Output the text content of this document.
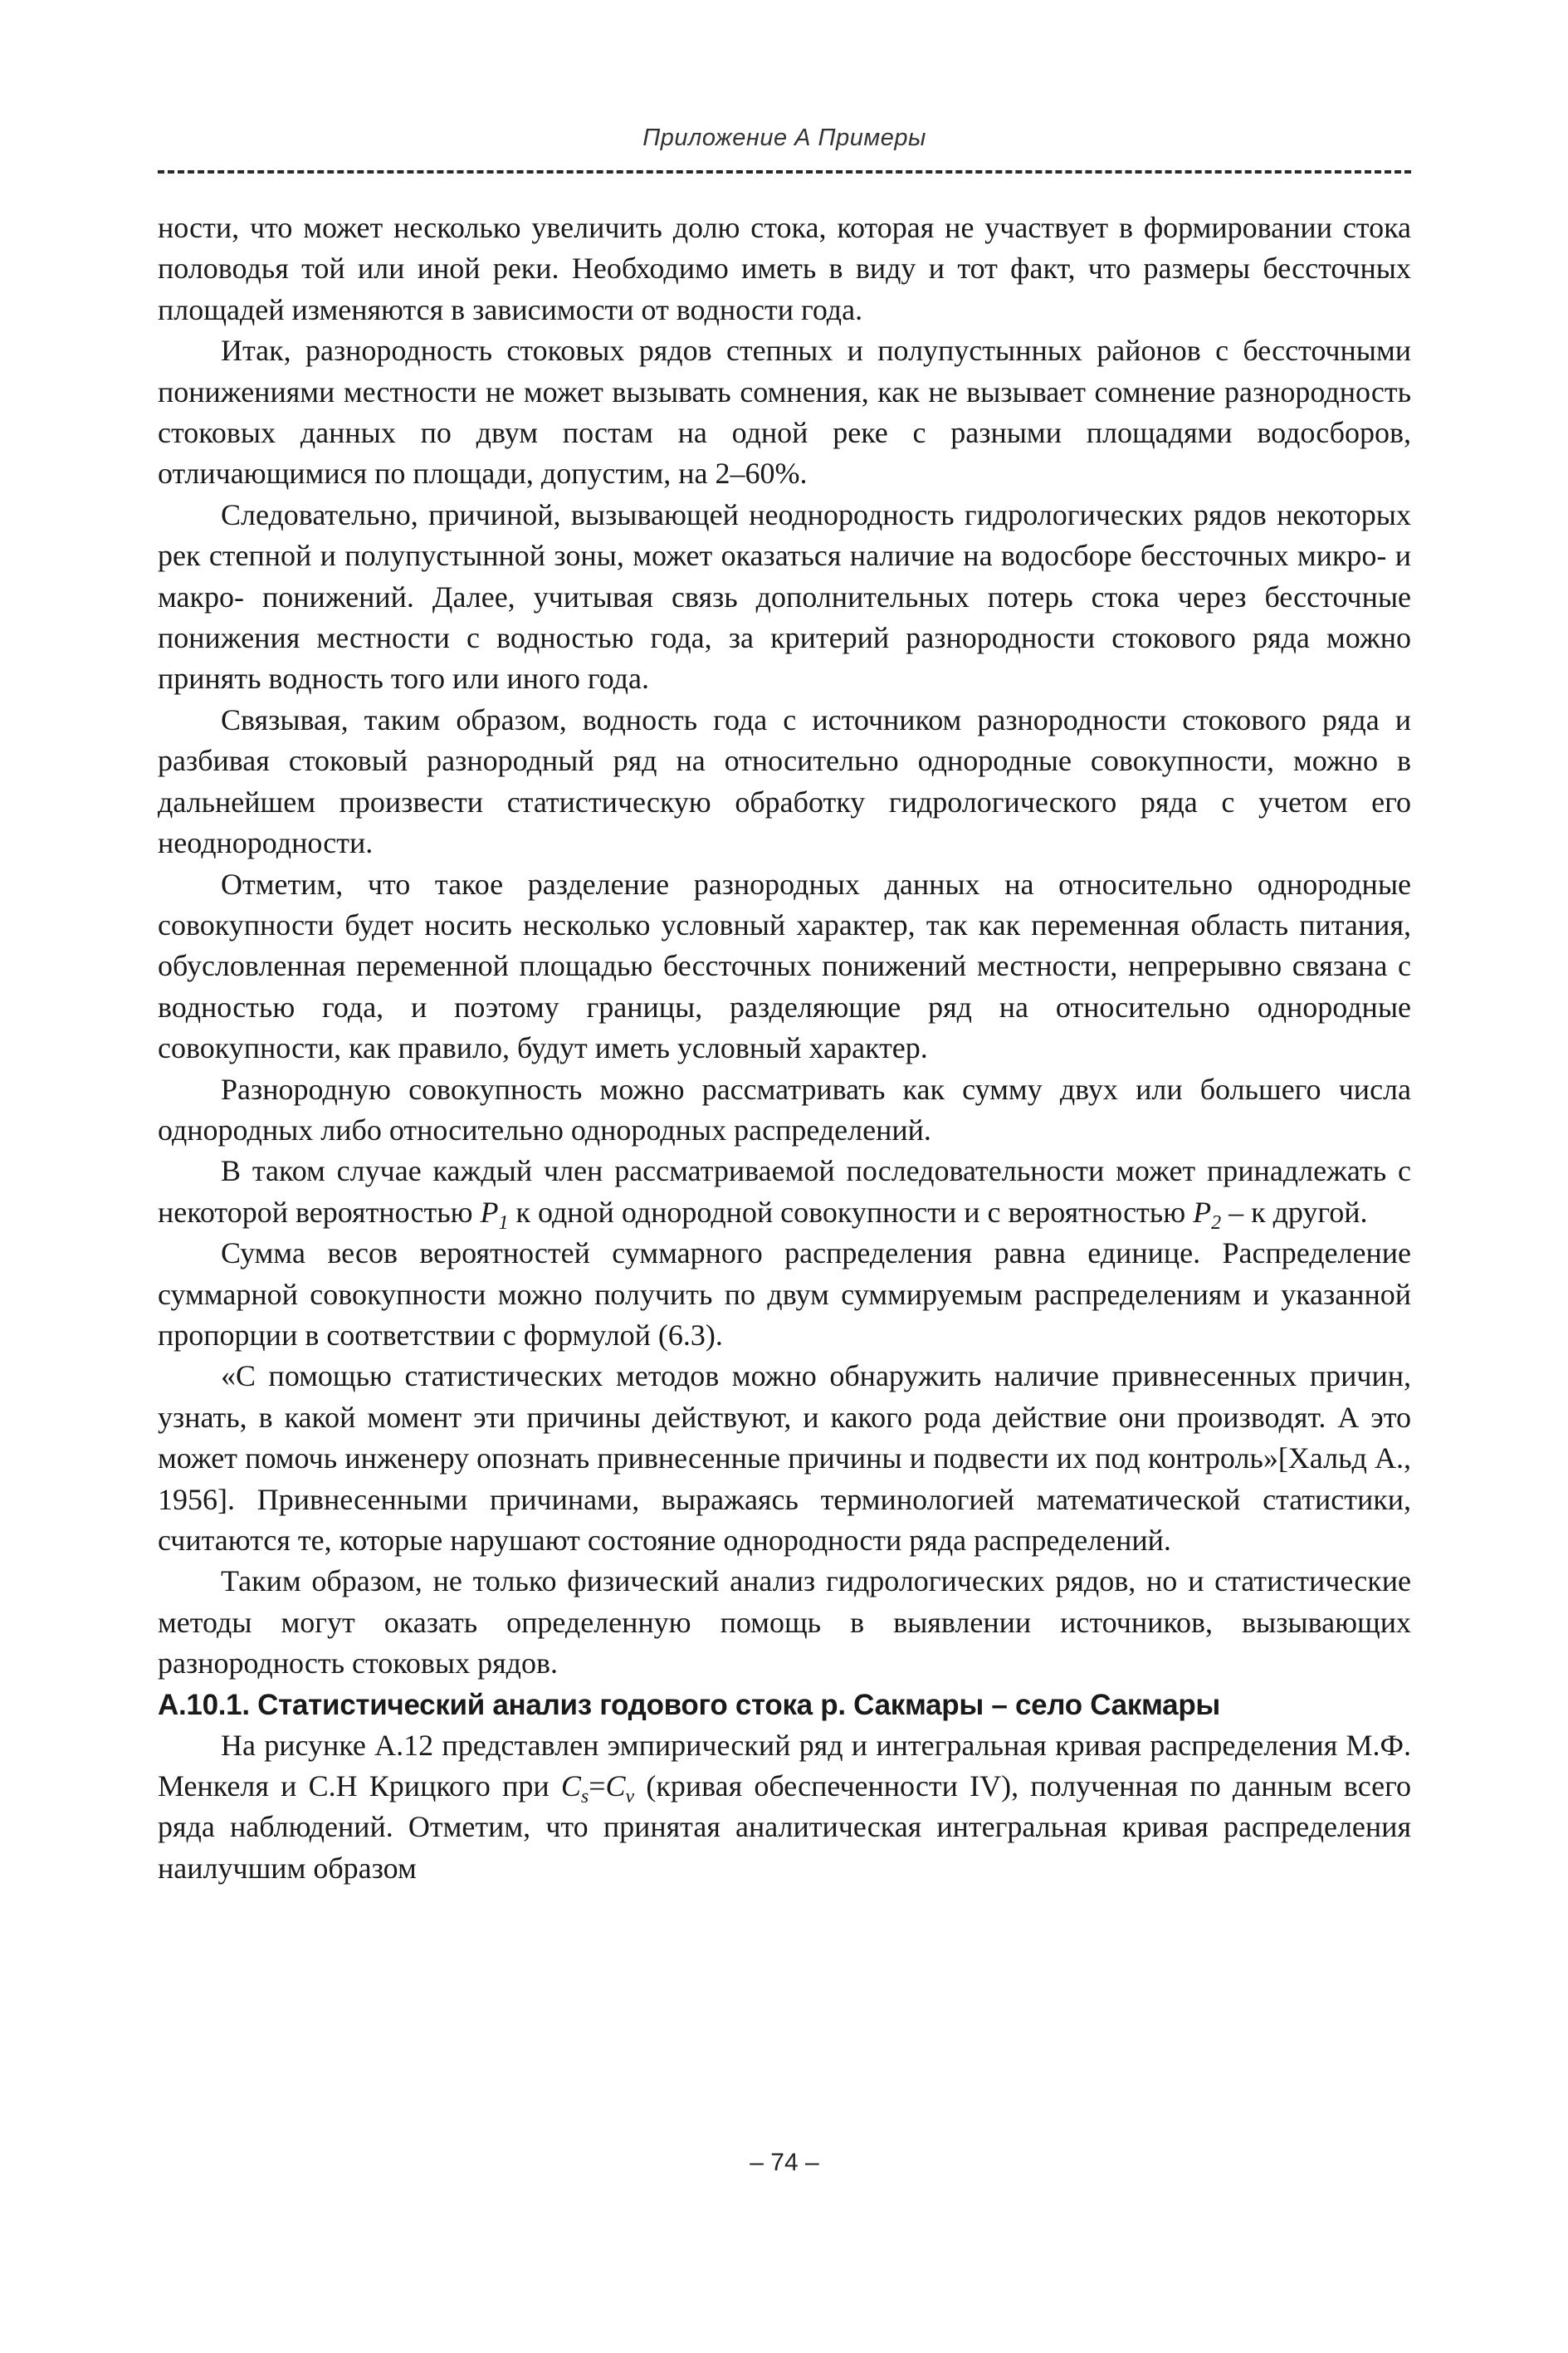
Приложение А Примеры

ности, что может несколько увеличить долю стока, которая не участвует в формировании стока половодья той или иной реки. Необходимо иметь в виду и тот факт, что размеры бессточных площадей изменяются в зависимости от водности года.

Итак, разнородность стоковых рядов степных и полупустынных районов с бессточными понижениями местности не может вызывать сомнения, как не вызывает сомнение разнородность стоковых данных по двум постам на одной реке с разными площадями водосборов, отличающимися по площади, допустим, на 2–60%.

Следовательно, причиной, вызывающей неоднородность гидрологических рядов некоторых рек степной и полупустынной зоны, может оказаться наличие на водосборе бессточных микро- и макро- понижений. Далее, учитывая связь дополнительных потерь стока через бессточные понижения местности с водностью года, за критерий разнородности стокового ряда можно принять водность того или иного года.

Связывая, таким образом, водность года с источником разнородности стокового ряда и разбивая стоковый разнородный ряд на относительно однородные совокупности, можно в дальнейшем произвести статистическую обработку гидрологического ряда с учетом его неоднородности.

Отметим, что такое разделение разнородных данных на относительно однородные совокупности будет носить несколько условный характер, так как переменная область питания, обусловленная переменной площадью бессточных понижений местности, непрерывно связана с водностью года, и поэтому границы, разделяющие ряд на относительно однородные совокупности, как правило, будут иметь условный характер.

Разнородную совокупность можно рассматривать как сумму двух или большего числа однородных либо относительно однородных распределений.

В таком случае каждый член рассматриваемой последовательности может принадлежать с некоторой вероятностью $P_1$ к одной однородной совокупности и с вероятностью $P_2$ – к другой.

Сумма весов вероятностей суммарного распределения равна единице. Распределение суммарной совокупности можно получить по двум суммируемым распределениям и указанной пропорции в соответствии с формулой (6.3).

«С помощью статистических методов можно обнаружить наличие привнесенных причин, узнать, в какой момент эти причины действуют, и какого рода действие они производят. А это может помочь инженеру опознать привнесенные причины и подвести их под контроль»[Хальд А., 1956]. Привнесенными причинами, выражаясь терминологией математической статистики, считаются те, которые нарушают состояние однородности ряда распределений.

Таким образом, не только физический анализ гидрологических рядов, но и статистические методы могут оказать определенную помощь в выявлении источников, вызывающих разнородность стоковых рядов.

А.10.1. Статистический анализ годового стока р. Сакмары – село Сакмары

На рисунке А.12 представлен эмпирический ряд и интегральная кривая распределения М.Ф. Менкеля и С.Н Крицкого при $C_s=C_v$ (кривая обеспеченности IV), полученная по данным всего ряда наблюдений. Отметим, что принятая аналитическая интегральная кривая распределения наилучшим образом

– 74 –
